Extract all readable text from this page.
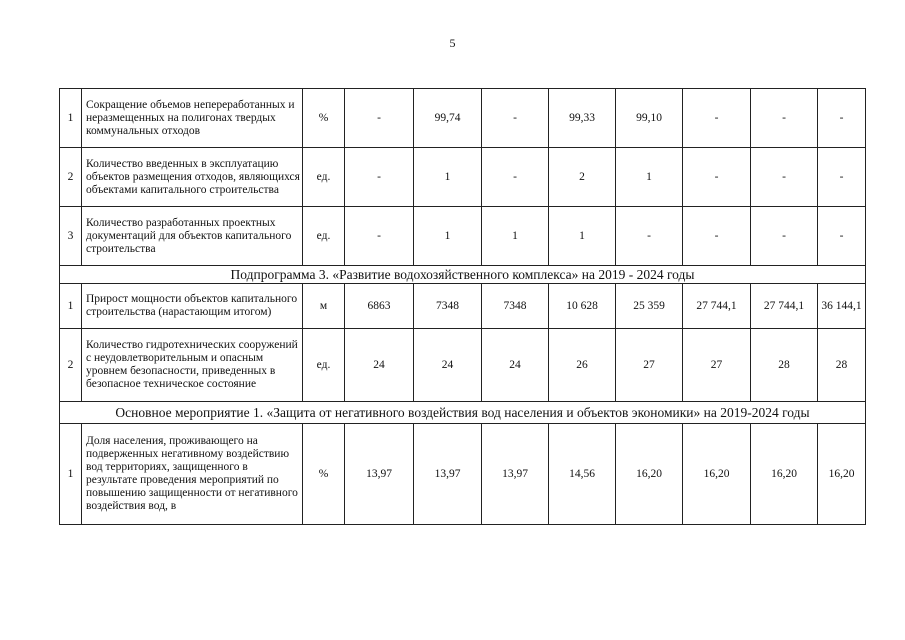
5
1	Сокращение объемов непереработанных и неразмещенных на полигонах твердых коммунальных отходов	%	-	99,74	-	99,33	99,10	-	-	-
2	Количество введенных в эксплуатацию объектов размещения отходов, являющихся объектами капитального строительства	ед.	-	1	-	2	1	-	-	-
3	Количество разработанных проектных документаций для объектов капитального строительства	ед.	-	1	1	1	-	-	-	-
Подпрограмма 3. «Развитие водохозяйственного комплекса» на 2019 - 2024 годы										
1	Прирост мощности объектов капитального строительства (нарастающим итогом)	м	6863	7348	7348	10 628	25 359	27 744,1	27 744,1	36 144,1
2	Количество гидротехнических сооружений с неудовлетворительным и опасным уровнем безопасности, приведенных в безопасное техническое состояние	ед.	24	24	24	26	27	27	28	28
Основное мероприятие 1. «Защита от негативного воздействия вод населения и объектов экономики» на 2019-2024 годы										
1	Доля населения, проживающего на подверженных негативному воздействию вод территориях, защищенного в результате проведения мероприятий по повышению защищенности от негативного воздействия вод, в	%	13,97	13,97	13,97	14,56	16,20	16,20	16,20	16,20
